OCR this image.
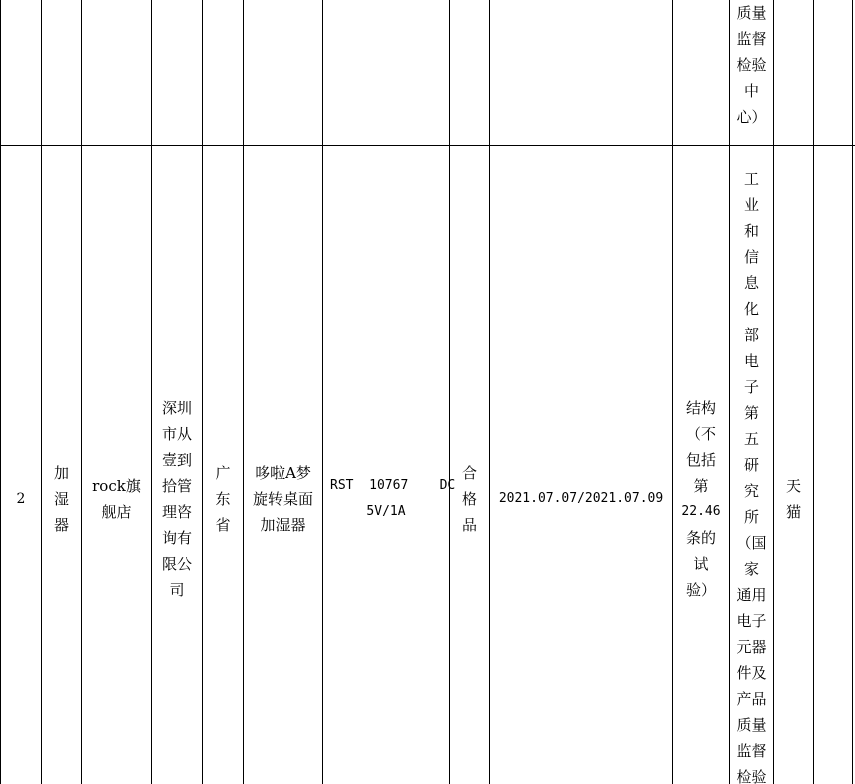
质量
监督
检验
中
心）
2
加
湿
器
rock旗
舰店
深圳
市从
壹到
拾管
理咨
询有
限公
司
广
东
省
哆啦A梦
旋转桌面
加湿器
RST  10767    DC
5V/1A
合
格
品
2021.07.07/2021.07.09
结构
（不
包括
第
22.46
条的
试
验）
工
业
和
信
息
化
部
电
子
第
五
研
究
所
（国
家
通用
电子
元器
件及
产品
质量
监督
检验
天
猫
